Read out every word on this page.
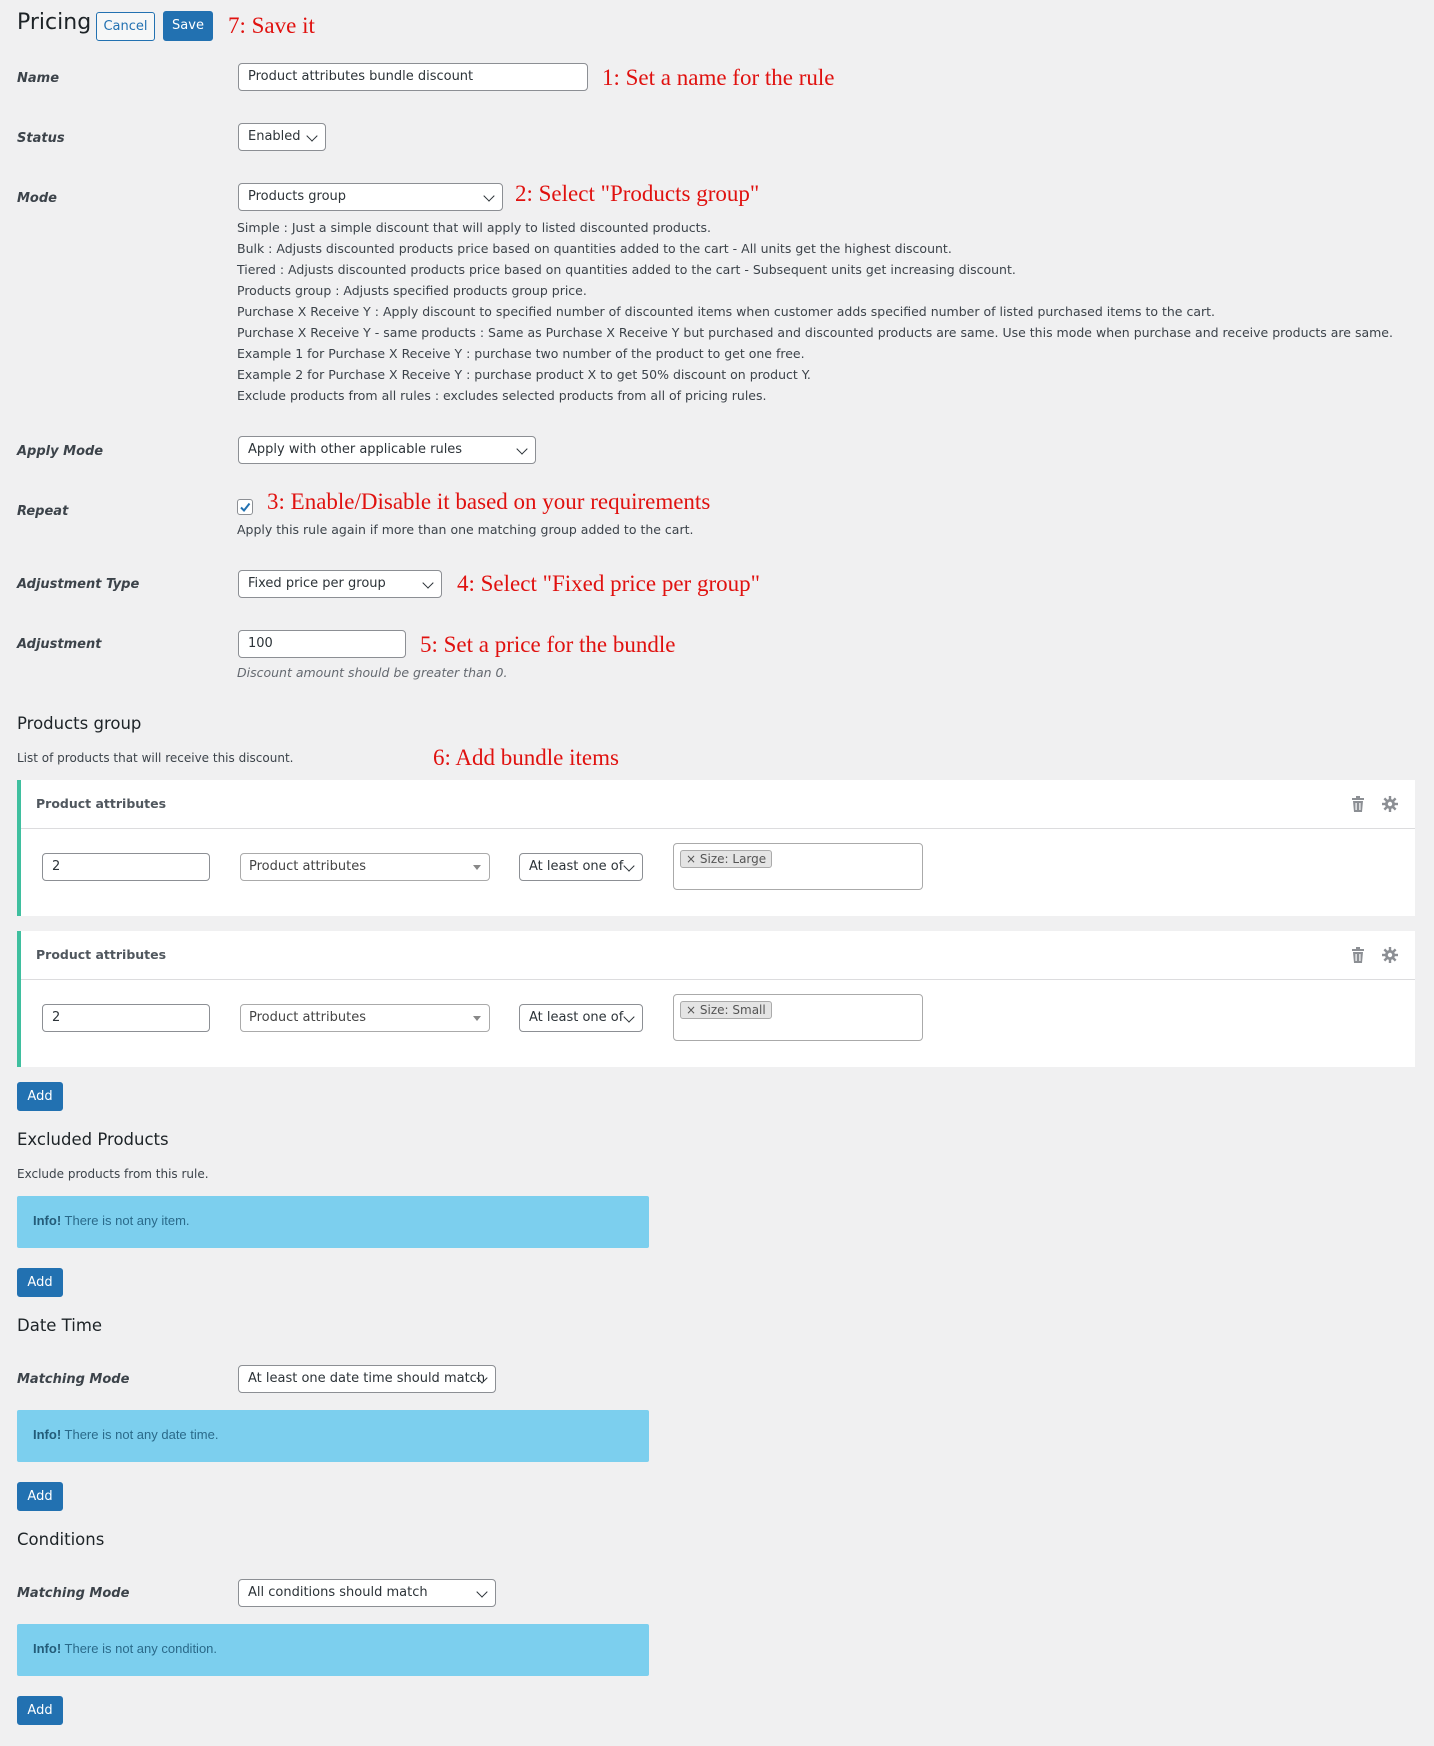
Pricing Cancel	Save	7: Save it
Name	Product attributes bundle discount	1: Set a name for the rule
Status	Enabled
Mode	Products group	2: Select "Products group"
Simple : Just a simple discount that will apply to listed discounted products.
Bulk : Adjusts discounted products price based on quantities added to the cart - All units get the highest discount.
Tiered : Adjusts discounted products price based on quantities added to the cart - Subsequent units get increasing discount.
Products group : Adjusts specified products group price.
Purchase X Receive Y : Apply discount to specified number of discounted items when customer adds specified number of listed purchased items to the cart.
Purchase X Receive Y - same products : Same as Purchase X Receive Y but purchased and discounted products are same. Use this mode when purchase and receive products are same.
Example 1 for Purchase X Receive Y : purchase two number of the product to get one free.
Example 2 for Purchase X Receive Y : purchase product X to get 50% discount on product Y.
Exclude products from all rules : excludes selected products from all of pricing rules.
Apply Mode	Apply with other applicable rules
Repeat	3: Enable/Disable it based on your requirements
Apply this rule again if more than one matching group added to the cart.
Adjustment Type	Fixed price per group	4: Select "Fixed price per group"
Adjustment	100	5: Set a price for the bundle
Discount amount should be greater than 0.
Products group
List of products that will receive this discount.	6: Add bundle items
Product attributes
2	Product attributes	At least one of	× Size: Large
Product attributes
2	Product attributes	At least one of	× Size: Small
Add
Excluded Products
Exclude products from this rule.
Info! There is not any item.
Add
Date Time
Matching Mode	At least one date time should match
Info! There is not any date time.
Add
Conditions
Matching Mode	All conditions should match
Info! There is not any condition.
Add
